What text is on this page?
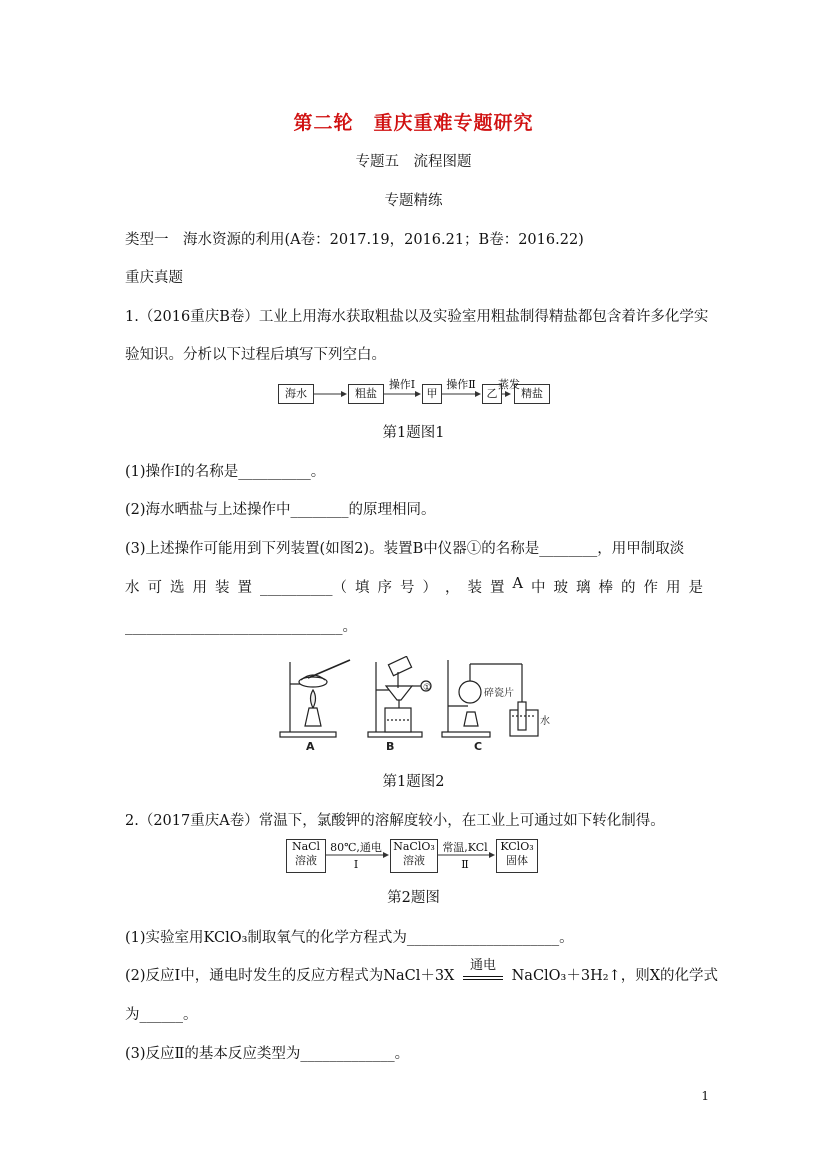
第二轮　重庆重难专题研究
专题五　流程图题
专题精练
类型一　海水资源的利用(A卷：2017.19，2016.21；B卷：2016.22)
重庆真题
1.（2016重庆B卷）工业上用海水获取粗盐以及实验室用粗盐制得精盐都包含着许多化学实
验知识。分析以下过程后填写下列空白。
海水	粗盐	甲	乙	精盐
操作Ⅰ	操作Ⅱ	蒸发
第1题图1
(1)操作Ⅰ的名称是__________。
(2)海水晒盐与上述操作中________的原理相同。
(3)上述操作可能用到下列装置(如图2)。装置B中仪器①的名称是________，用甲制取淡
水 可 选 用 装 置 __________（ 填 序 号 ） ， 装 置 A 中 玻 璃 棒 的 作 用 是
______________________________。
①	碎瓷片
水
A	B	C
第1题图2
2.（2017重庆A卷）常温下，氯酸钾的溶解度较小，在工业上可通过如下转化制得。
NaCl
溶液
NaClO₃
溶液
KClO₃
固体
80℃,通电
Ⅰ
常温,KCl
Ⅱ
第2题图
(1)实验室用KClO₃制取氧气的化学方程式为_____________________。
(2)反应Ⅰ中，通电时发生的反应方程式为NaCl＋3X
通电
NaClO₃＋3H₂↑，则X的化学式
为______。
(3)反应Ⅱ的基本反应类型为_____________。
1
